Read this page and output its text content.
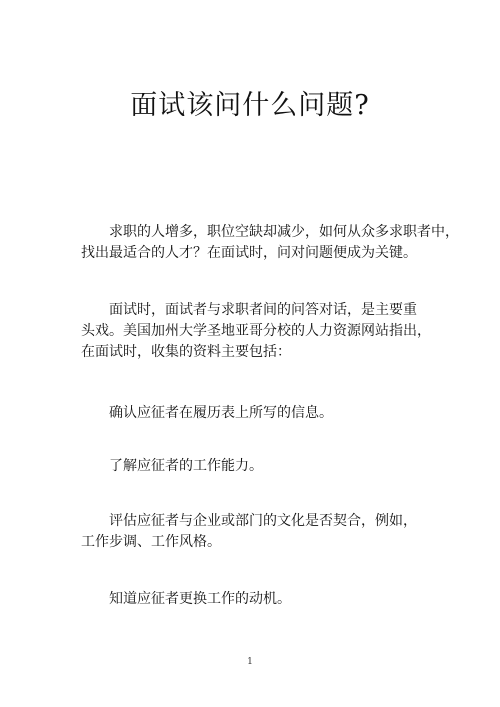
面试该问什么问题?
　　求职的人增多，职位空缺却减少，如何从众多求职者中，
找出最适合的人才？在面试时，问对问题便成为关键。
　　面试时，面试者与求职者间的问答对话，是主要重
头戏。美国加州大学圣地亚哥分校的人力资源网站指出，
在面试时，收集的资料主要包括：
　　确认应征者在履历表上所写的信息。
　　了解应征者的工作能力。
　　评估应征者与企业或部门的文化是否契合，例如，
工作步调、工作风格。
　　知道应征者更换工作的动机。
1
